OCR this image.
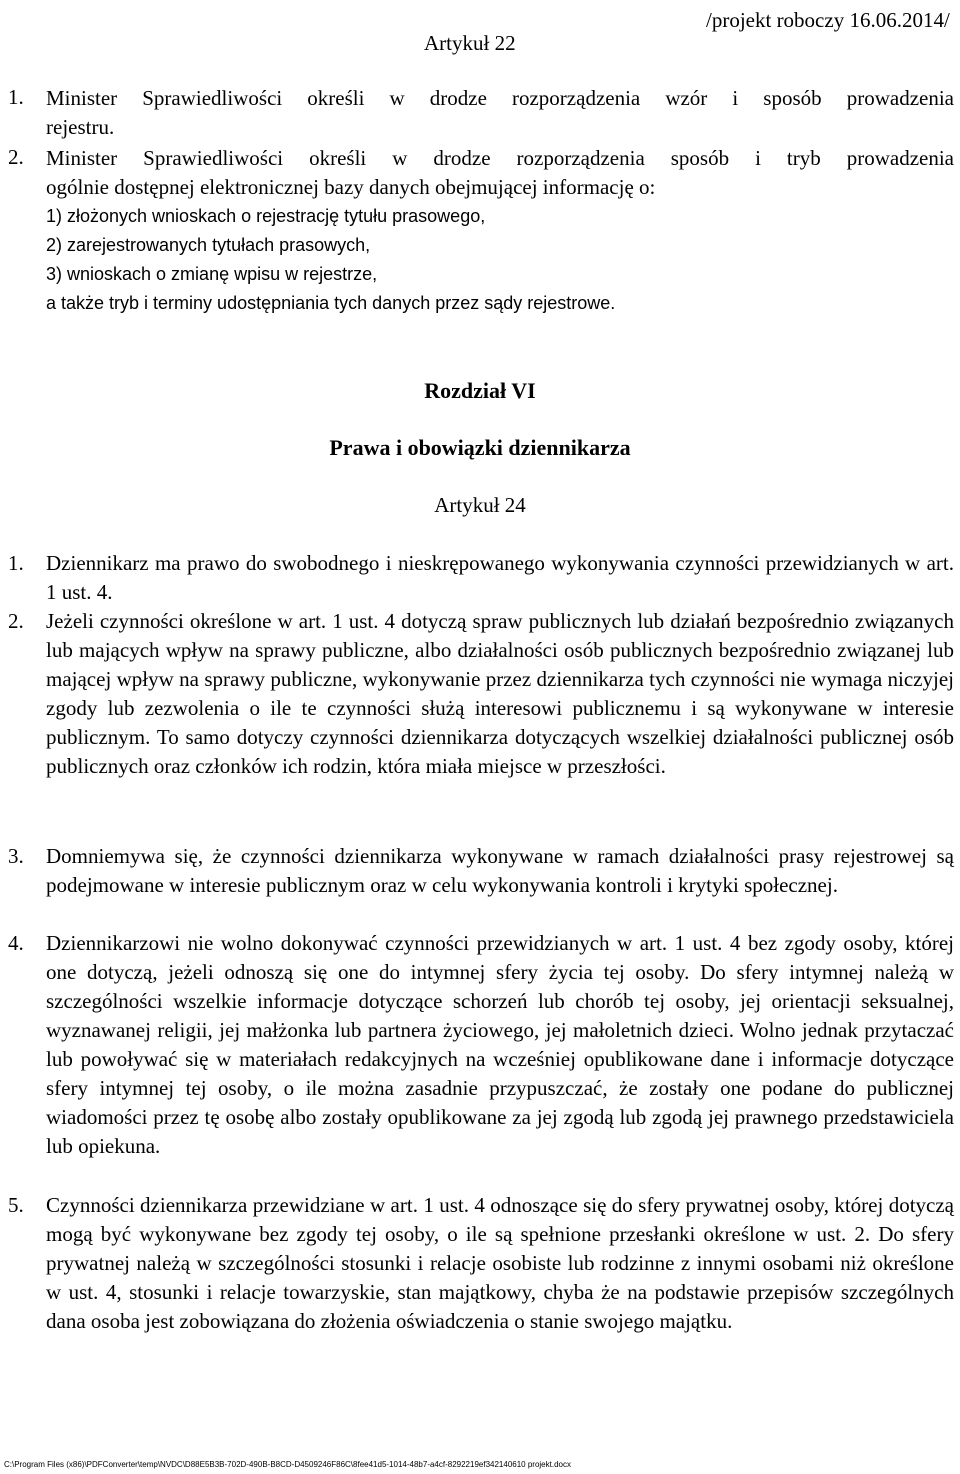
Artykuł 22
/projekt roboczy 16.06.2014/
1. Minister Sprawiedliwości określi w drodze rozporządzenia wzór i sposób prowadzenia
rejestru.
2. Minister Sprawiedliwości określi w drodze rozporządzenia sposób i tryb prowadzenia
ogólnie dostępnej elektronicznej bazy danych obejmującej informację o:
1) złożonych wnioskach o rejestrację tytułu prasowego,
2) zarejestrowanych tytułach prasowych,
3) wnioskach o zmianę wpisu w rejestrze,
a także tryb i terminy udostępniania tych danych przez sądy rejestrowe.
Rozdział VI
Prawa i obowiązki dziennikarza
Artykuł 24
1. Dziennikarz ma prawo do swobodnego i nieskrępowanego wykonywania czynności przewidzianych w art. 1 ust. 4.
2. Jeżeli czynności określone w art. 1 ust. 4 dotyczą spraw publicznych lub działań bezpośrednio związanych lub mających wpływ na sprawy publiczne, albo działalności osób publicznych bezpośrednio związanej lub mającej wpływ na sprawy publiczne, wykonywanie przez dziennikarza tych czynności nie wymaga niczyjej zgody lub zezwolenia o ile te czynności służą interesowi publicznemu i są wykonywane w interesie publicznym. To samo dotyczy czynności dziennikarza dotyczących wszelkiej działalności publicznej osób publicznych oraz członków ich rodzin, która miała miejsce w przeszłości.
3. Domniemywa się, że czynności dziennikarza wykonywane w ramach działalności prasy rejestrowej są podejmowane w interesie publicznym oraz w celu wykonywania kontroli i krytyki społecznej.
4. Dziennikarzowi nie wolno dokonywać czynności przewidzianych w art. 1 ust. 4 bez zgody osoby, której one dotyczą, jeżeli odnoszą się one do intymnej sfery życia tej osoby. Do sfery intymnej należą w szczególności wszelkie informacje dotyczące schorzeń lub chorób tej osoby, jej orientacji seksualnej, wyznawanej religii, jej małżonka lub partnera życiowego, jej małoletnich dzieci. Wolno jednak przytaczać lub powoływać się w materiałach redakcyjnych na wcześniej opublikowane dane i informacje dotyczące sfery intymnej tej osoby, o ile można zasadnie przypuszczać, że zostały one podane do publicznej wiadomości przez tę osobę albo zostały opublikowane za jej zgodą lub zgodą jej prawnego przedstawiciela lub opiekuna.
5. Czynności dziennikarza przewidziane w art. 1 ust. 4 odnoszące się do sfery prywatnej osoby, której dotyczą mogą być wykonywane bez zgody tej osoby, o ile są spełnione przesłanki określone w ust. 2. Do sfery prywatnej należą w szczególności stosunki i relacje osobiste lub rodzinne z innymi osobami niż określone w ust. 4, stosunki i relacje towarzyskie, stan majątkowy, chyba że na podstawie przepisów szczególnych dana osoba jest zobowiązana do złożenia oświadczenia o stanie swojego majątku.
C:\Program Files (x86)\PDFConverter\temp\NVDC\D88E5B3B-702D-490B-B8CD-D4509246F86C\8fee41d5-1014-48b7-a4cf-8292219ef342140610 projekt.docx
